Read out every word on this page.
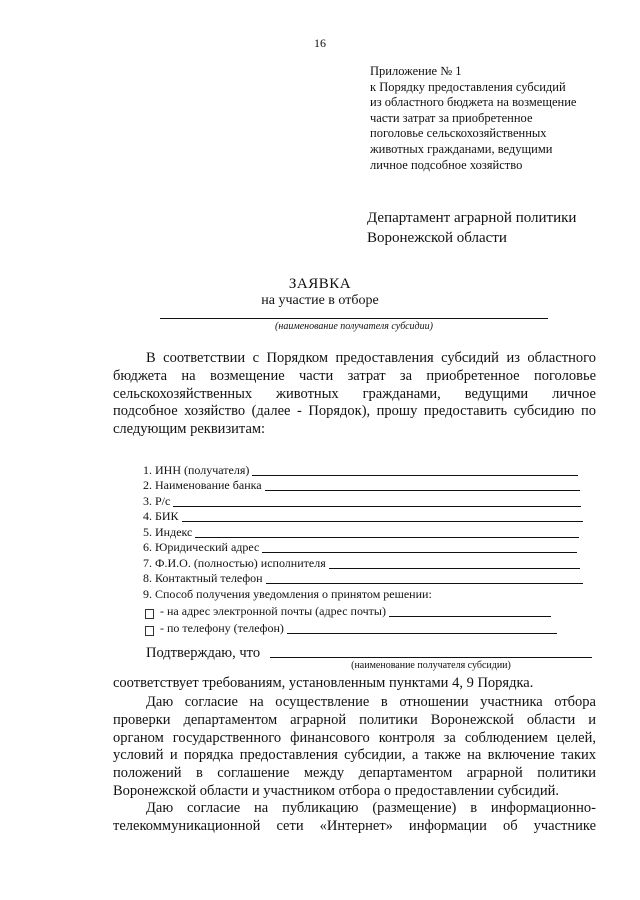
16
Приложение № 1
к Порядку предоставления субсидий
из областного бюджета на возмещение
части затрат за приобретенное
поголовье сельскохозяйственных
животных гражданами, ведущими
личное подсобное хозяйство
Департамент аграрной политики
Воронежской области
ЗАЯВКА
на участие в отборе
(наименование получателя субсидии)
В соответствии с Порядком предоставления субсидий из областного
бюджета на возмещение части затрат за приобретенное поголовье
сельскохозяйственных животных гражданами, ведущими личное
подсобное хозяйство (далее - Порядок), прошу предоставить субсидию по
следующим реквизитам:
1. ИНН (получателя)
2. Наименование банка
3. Р/с
4. БИК
5. Индекс
6. Юридический адрес
7. Ф.И.О. (полностью) исполнителя
8. Контактный телефон
9. Способ получения уведомления о принятом решении:
- на адрес электронной почты (адрес почты)
- по телефону (телефон)
Подтверждаю, что
(наименование получателя субсидии)
соответствует требованиям, установленным пунктами 4, 9 Порядка.
Даю согласие на осуществление в отношении участника отбора
проверки департаментом аграрной политики Воронежской области и
органом государственного финансового контроля за соблюдением целей,
условий и порядка предоставления субсидии, а также на включение таких
положений в соглашение между департаментом аграрной политики
Воронежской области и участником отбора о предоставлении субсидий.
Даю согласие на публикацию (размещение) в информационно-
телекоммуникационной сети «Интернет» информации об участнике
